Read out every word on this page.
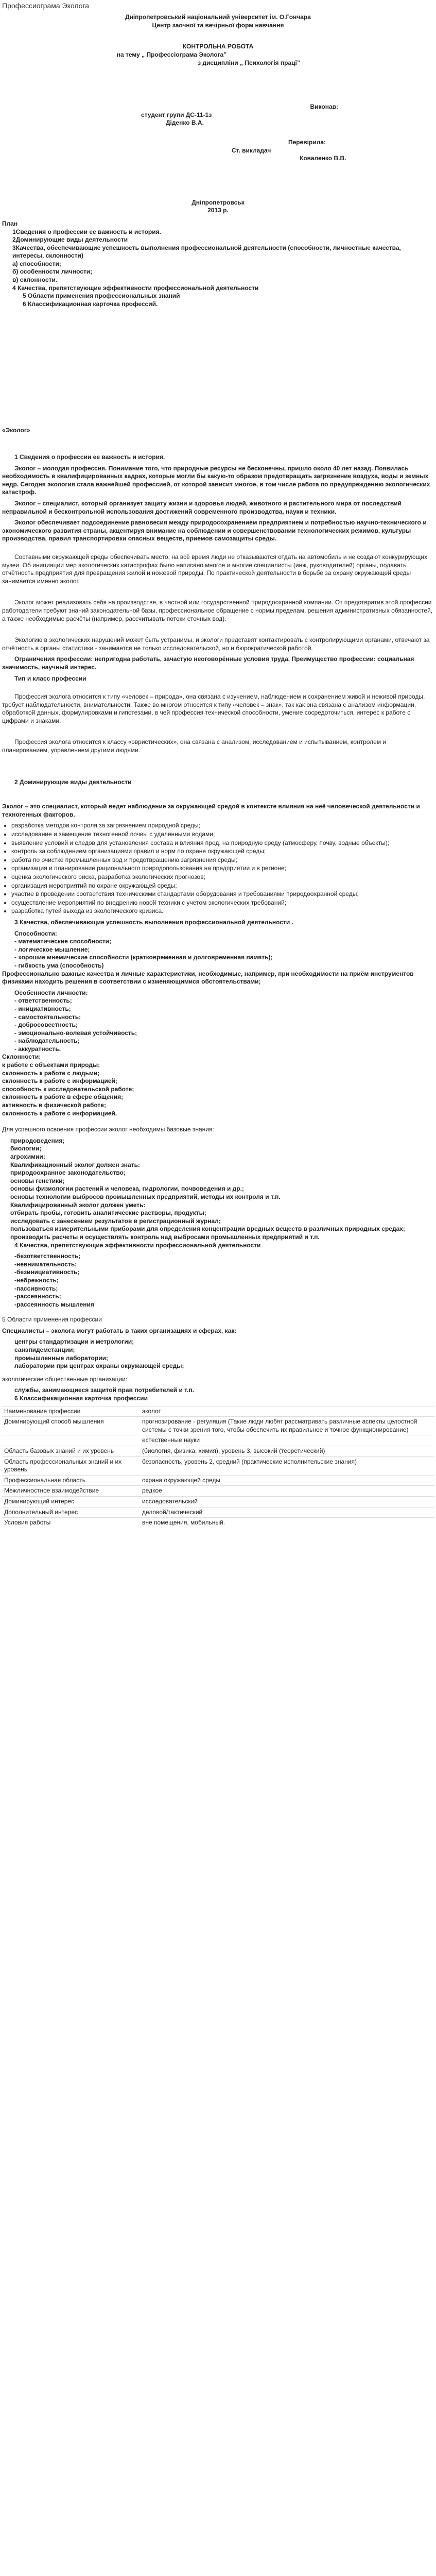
Профессиограма Эколога
Днiпропетровський нацiональний унiверситет iм. О.Гончара
Центр заочної та вечiрньої форм навчання
КОНТРОЛЬНА РОБОТА
на тему „ Профессiограма Эколога”
з дисциплiни „ Психологiя працi”
Виконав:
студент групи ДС-11-1з
Дiденко В.А.
Перевiрила:
Ст. викладач
Коваленко В.В.
Днiпропетровськ
2013 р.
План
1Сведения о профессии ее важность и история.
2Доминирующие виды деятельности
3Качества, обеспечивающие успешность выполнения профессиональной деятельности (способности, личностные качества, интересы, склонности)
а) способности;
б) особенности личности;
в) склонности.
4 Качества, препятствующие эффективности профессиональной деятельности
5 Области применения профессиональных знаний
6 Классификационная карточка профессий.

«Эколог»

1 Сведения о профессии ее важность и история.

Эколог – молодая профессия. Понимание того, что природные ресурсы не бесконечны, пришло около 40 лет назад. Появилась необходимость в квалифицированных кадрах, которые могли бы какую-то образом предотвращать загрязнение воздуха, воды и земных недр. Сегодня экология стала важнейшей профессией, от которой зависит многое, в том числе работа по предупреждению экологических катастроф.

Эколог – специалист, который организует защиту жизни и здоровья людей, животного и растительного мира от последствий неправильной и бесконтрольной использования достижений современного производства, науки и техники.

Эколог обеспечивает подсоединение равновесия между природосохранением предприятием и потребностью научно-технического и экономического развития страны, акцентируя внимание на соблюдении и совершенствовании технологических режимов, культуры производства, правил транспортировки опасных веществ, приемов самозащиты среды.

Составными окружающей среды обеспечивать место, на всё время люди не отказываются отдать на автомобиль и не создают конкурирующих музеи. Об инициации мер экологических катастрофах было написано многое и многие специалисты (инж, руководителей) органы, подавать отчётность предприятия для превращения жилой и ножевой природы. По практической деятельности в борьбе за охрану окружающей среды занимается именно эколог.

Эколог может реализовать себя на производстве, в частной или государственной природоохранной компании. От предотвратив этой профессии работодатели требуют знаний законодательной базы, профессиональное обращение с нормы пределам, решения административных обязанностей, а также необходимые расчёты (например, рассчитывать потоки сточных вод).

Экологию в экологических нарушений может быть устранимы, и экологи представят контактировать с контролирующими органами, отвечают за отчётность в органы статистики - занимается не только исследовательской, но и бюрократической работой.

Ограничения профессии: непригодна работать, зачастую неоговорённые условия труда. Преимущество профессии: социальная значимость, научный интерес.

Тип и класс профессии

Профессия эколога относится к типу «человек – природа», она связана с изучением, наблюдением и сохранением живой и неживой природы, требует наблюдательности, внимательности. Также во многом относится к типу «человек – знак», так как она связана с анализом информации, обработкой данных, формулировками и гипотезами, в чей профессия технической способности, умение сосредоточиться, интерес к работе с цифрами и знаками.

Профессия эколога относится к классу «эвристических», она связана с анализом, исследованием и испытыванием, контролем и планированием, управлением другими людьми.

2 Доминирующие виды деятельности

Эколог – это специалист, который ведет наблюдение за окружающей средой в контексте влияния на неё человеческой деятельности и техногенных факторов.

• разработка методов контроля за загрязнением природной среды;
• исследование и замещение техногенной почвы с удалёнными водами;
• выявление условий и следов для установления состава и влияния пред. на природную среду (атмосферу, почву, водные объекты);
• контроль за соблюдением организациями правил и норм по охране окружающей среды;
• работа по очистке промышленных вод и предотвращению загрязнения среды;
• организация и планирование рационального природопользования на предприятии и в регионе;
• оценка экологического риска, разработка экологических прогнозов;
• организация мероприятий по охране окружающей среды;
• участие в проведении соответствия техническими стандартами оборудования и требованиями природоохранной среды;
• осуществление мероприятий по внедрению новой техники с учетом экологических требований;
• разработка путей выхода из экологического кризиса.

3 Качества, обеспечивающие успешность выполнения профессиональной деятельности .

Способности:
- математические способности;
- логическое мышление;
- хорошие мнемические способности (кратковременная и долговременная память);
- гибкость ума (способность)

Профессионально важные качества и личные характеристики, необходимые, например, при необходимости на приём инструментов физиками находить решения в соответствии с изменяющимися обстоятельствами;

Особенности личности:
- ответственность;
- инициативность;
- самостоятельность;
- добросовестность;
- эмоционально-волевая устойчивость;
- наблюдательность;
- аккуратность.
Склонности:
к работе с объектами природы;
склонность к работе с людьми;
склонность к работе с информацией;
способность к исследовательской работе;
склонность к работе в сфере общения;
активность в физической работе;
склонность к работе с информацией.

Для успешного освоения профессии эколог необходимы базовые знания:

природоведения;
биологии;
агрохимии;
Квалификационный эколог должен знать:
природоохранное законодательство;
основы генетики;
основы физиологии растений и человека, гидрологии, почвоведения и др.;
основы технологии выбросов промышленных предприятий, методы их контроля и т.п.
Квалифицированный эколог должен уметь:
отбирать пробы, готовить аналитические растворы, продукты;
исследовать с занесением результатов в регистрационный журнал;
пользоваться измерительными приборами для определения концентрации вредных веществ в различных природных средах;
производить расчеты и осуществлять контроль над выбросами промышленных предприятий и т.п.

4 Качества, препятствующие эффективности профессиональной деятельности

-безответственность;
-невнимательность;
-безинициативность;
-небрежность;
-пассивность;
-рассеянность;
-рассеянность мышления

5 Области применения профессии

Специалисты – эколога могут работать в таких организациях и сферах, как:

центры стандартизации и метрологии;
санэпидемстанции;
промышленные лаборатории;
лаборатории при центрах охраны окружающей среды;

экологические общественные организации:

службы, занимающиеся защитой прав потребителей и т.п.

6 Классификационная карточка профессии

Наименование профессии	эколог
Доминирующий способ мышления	прогнозирование - регуляция (Такие люди любят рассматривать различные аспекты целостной системы с точки зрения того, чтобы обеспечить их правильное и точное функционирование)
	естественные науки
Область базовых знаний и их уровень	(биология, физика, химия), уровень 3, высокий (теоретический)
Область профессиональных знаний и их уровень	безопасность, уровень 2, средний (практические исполнительские знания)
Профессиональная область	охрана окружающей среды
Межличностное взаимодействие	редкое
Доминирующий интерес	исследовательский
Дополнительный интерес	деловой/тактический
Условия работы	вне помещения, мобильный.
